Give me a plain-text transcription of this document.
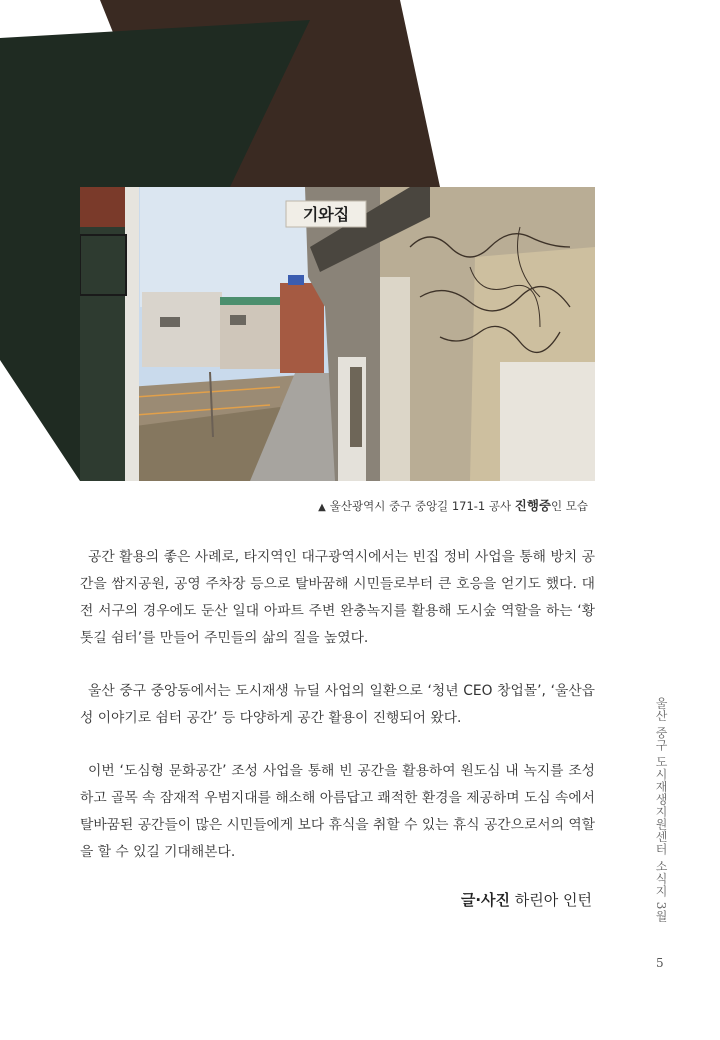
기와집
▲ 울산광역시 중구 중앙길 171-1 공사 진행중인 모습

공간 활용의 좋은 사례로, 타지역인 대구광역시에서는 빈집 정비 사업을 통해 방치 공간을 쌈지공원, 공영 주차장 등으로 탈바꿈해 시민들로부터 큰 호응을 얻기도 했다. 대전 서구의 경우에도 둔산 일대 아파트 주변 완충녹지를 활용해 도시숲 역할을 하는 ‘황톳길 쉼터’를 만들어 주민들의 삶의 질을 높였다.

울산 중구 중앙동에서는 도시재생 뉴딜 사업의 일환으로 ‘청년 CEO 창업몰’, ‘울산읍성 이야기로 쉼터 공간’ 등 다양하게 공간 활용이 진행되어 왔다.

이번 ‘도심형 문화공간’ 조성 사업을 통해 빈 공간을 활용하여 원도심 내 녹지를 조성하고 골목 속 잠재적 우범지대를 해소해 아름답고 쾌적한 환경을 제공하며 도심 속에서 탈바꿈된 공간들이 많은 시민들에게 보다 휴식을 취할 수 있는 휴식 공간으로서의 역할을 할 수 있길 기대해본다.

글·사진 하린아 인턴	울산 중구 도시재생지원센터 소식지 3월
5
